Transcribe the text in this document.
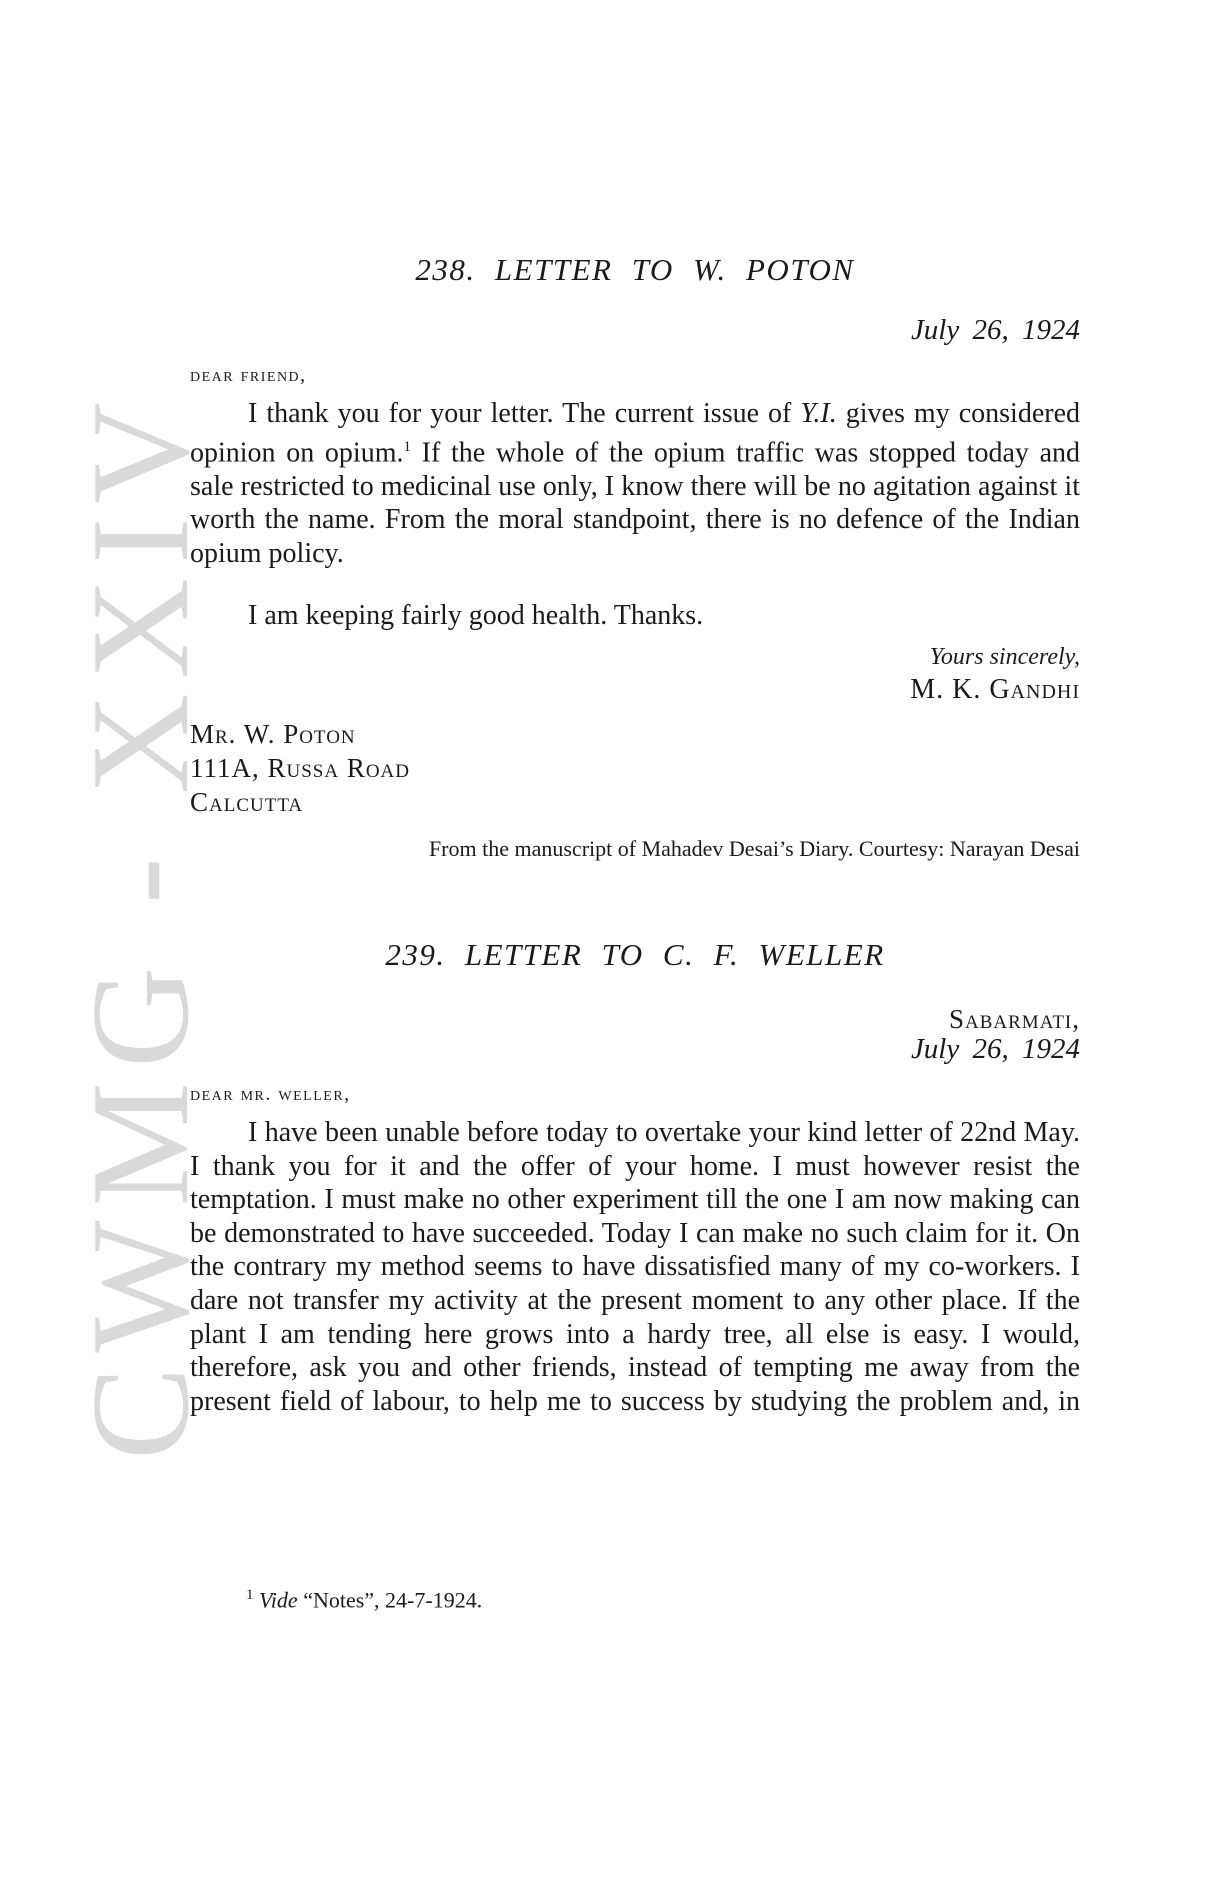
CWMG - XXIV
238. LETTER TO W. POTON
July 26, 1924
dear friend,
I thank you for your letter. The current issue of Y.I. gives my considered opinion on opium.$^1$ If the whole of the opium traffic was stopped today and sale restricted to medicinal use only, I know there will be no agitation against it worth the name. From the moral standpoint, there is no defence of the Indian opium policy.
I am keeping fairly good health. Thanks.
Yours sincerely,
M. K. Gandhi
Mr. W. Poton
111A, Russa Road
Calcutta
From the manuscript of Mahadev Desai’s Diary. Courtesy: Narayan Desai
239. LETTER TO C. F. WELLER
Sabarmati,
July 26, 1924
dear mr. weller,
I have been unable before today to overtake your kind letter of 22nd May. I thank you for it and the offer of your home. I must however resist the temptation. I must make no other experiment till the one I am now making can be demonstrated to have succeeded. Today I can make no such claim for it. On the contrary my method seems to have dissatisfied many of my co-workers. I dare not transfer my activity at the present moment to any other place. If the plant I am tending here grows into a hardy tree, all else is easy. I would, therefore, ask you and other friends, instead of tempting me away from the present field of labour, to help me to success by studying the problem and, in
$^1$ Vide “Notes”, 24-7-1924.
